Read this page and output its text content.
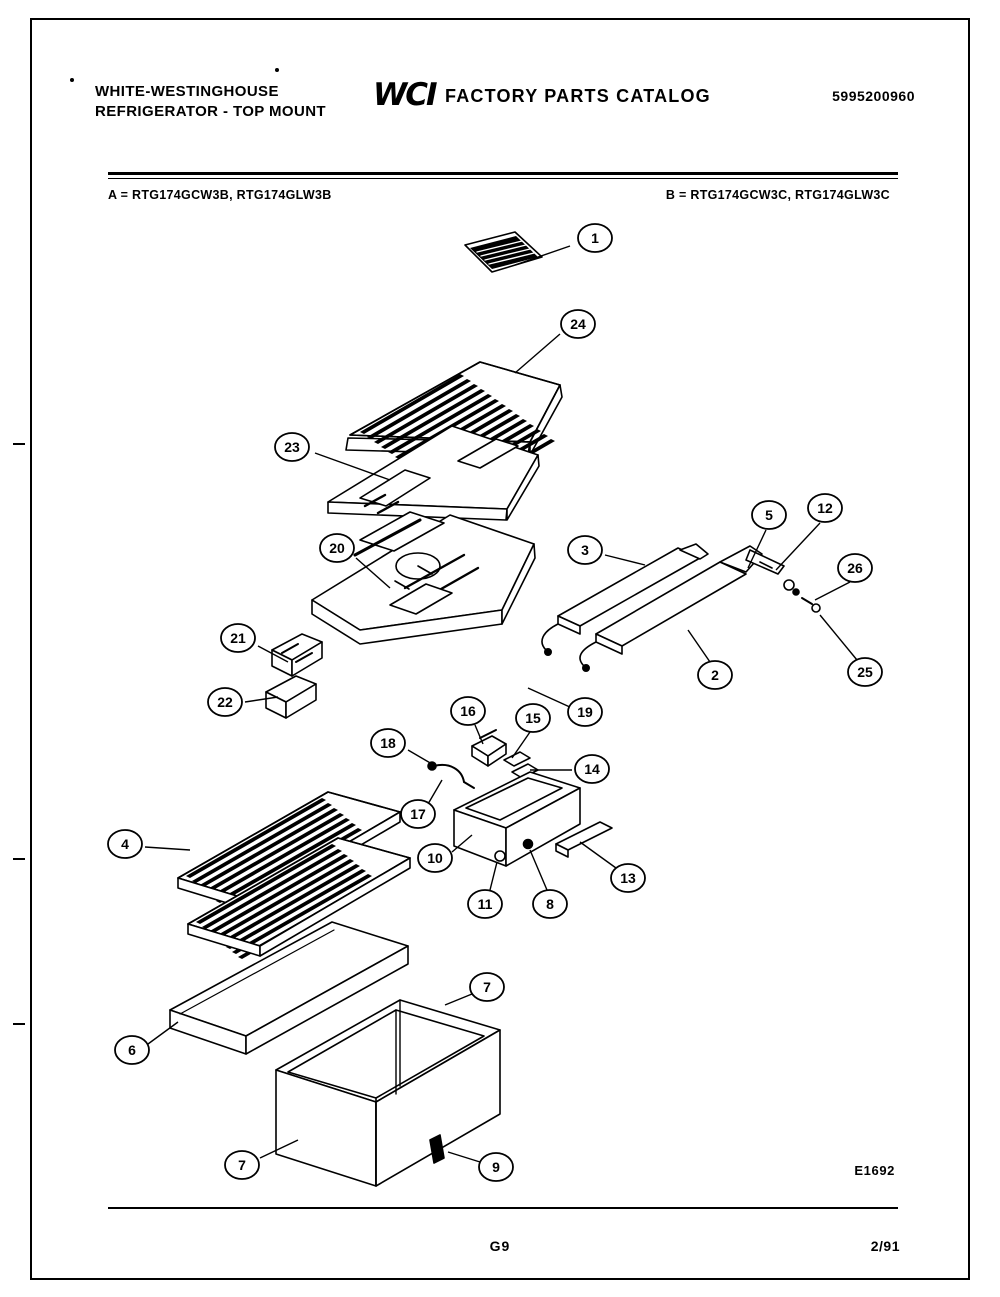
WHITE-WESTINGHOUSE
REFRIGERATOR - TOP MOUNT WCI FACTORY PARTS CATALOG	5995200960
A = RTG174GCW3B, RTG174GLW3B	B = RTG174GCW3C, RTG174GLW3C
1
24
23
20	3
5	12
26
25
2
21
22
18
17
16	15	19
14
10
11	8
13
4
6
7
7	9	E1692
G9	2/91
